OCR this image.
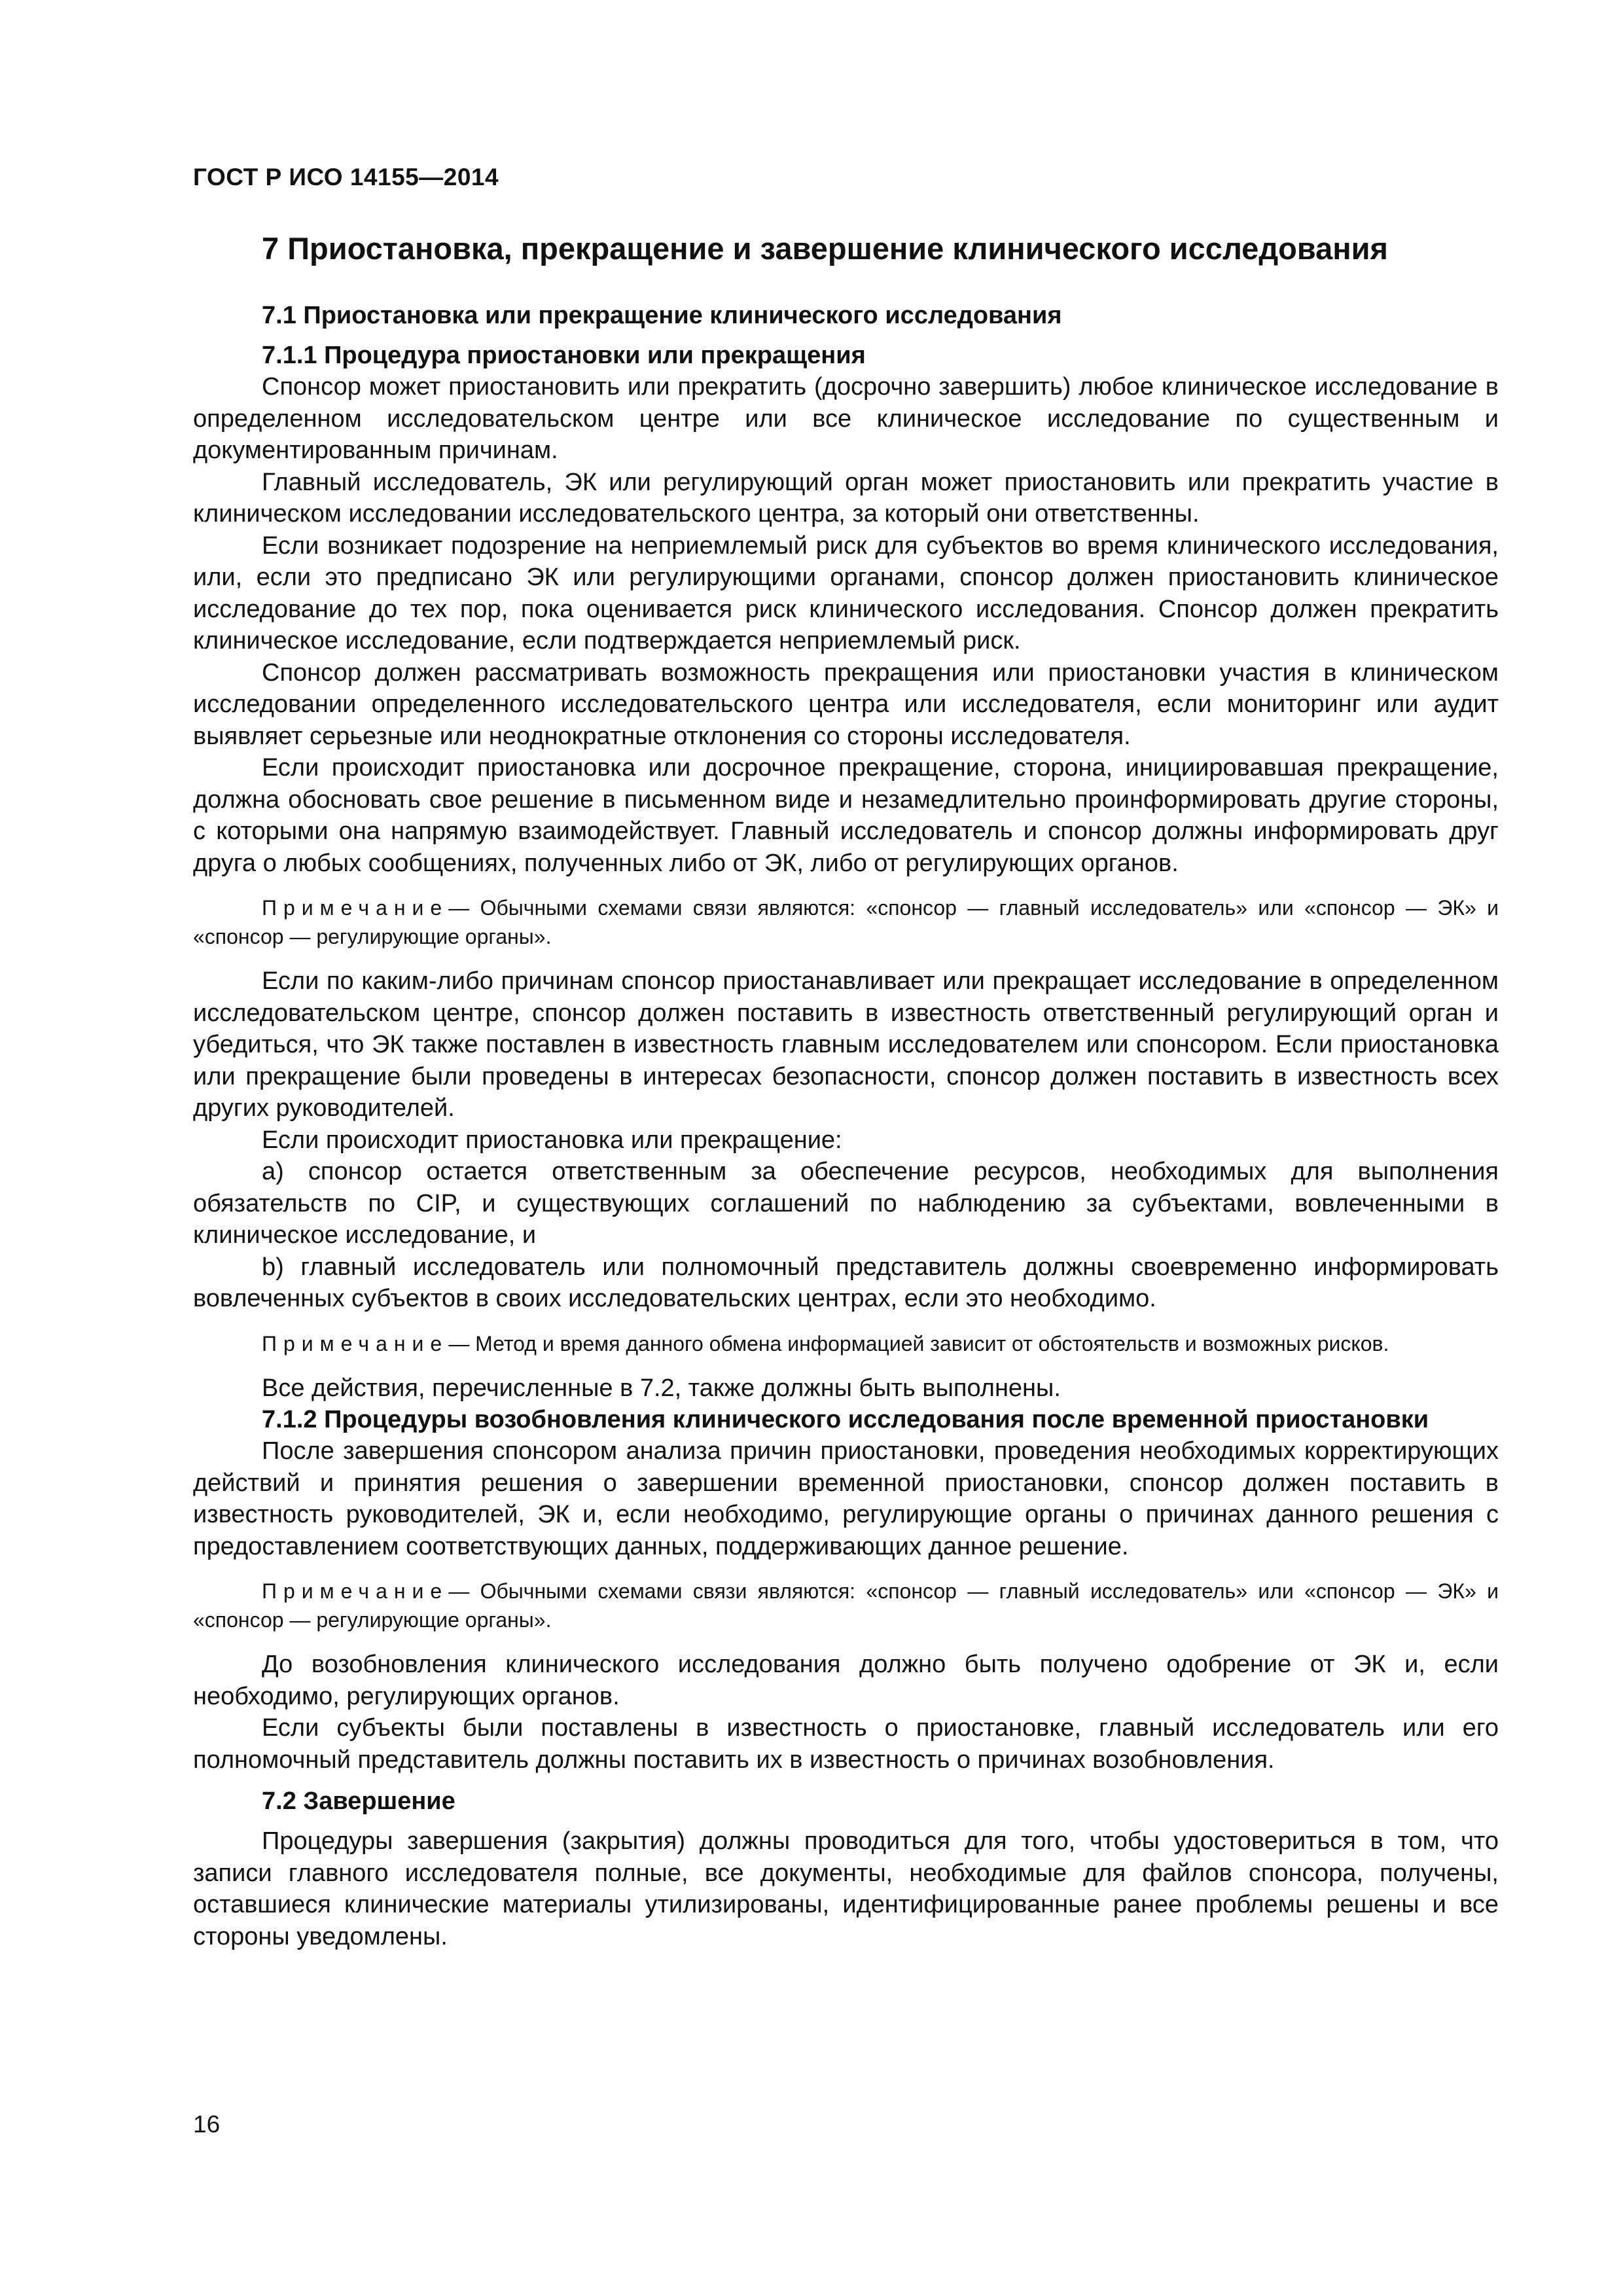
ГОСТ Р ИСО 14155—2014
7 Приостановка, прекращение и завершение клинического исследования
7.1 Приостановка или прекращение клинического исследования
7.1.1 Процедура приостановки или прекращения

Спонсор может приостановить или прекратить (досрочно завершить) любое клиническое исследование в определенном исследовательском центре или все клиническое исследование по существенным и документированным причинам.

Главный исследователь, ЭК или регулирующий орган может приостановить или прекратить участие в клиническом исследовании исследовательского центра, за который они ответственны.

Если возникает подозрение на неприемлемый риск для субъектов во время клинического исследования, или, если это предписано ЭК или регулирующими органами, спонсор должен приостановить клиническое исследование до тех пор, пока оценивается риск клинического исследования. Спонсор должен прекратить клиническое исследование, если подтверждается неприемлемый риск.

Спонсор должен рассматривать возможность прекращения или приостановки участия в клиническом исследовании определенного исследовательского центра или исследователя, если мониторинг или аудит выявляет серьезные или неоднократные отклонения со стороны исследователя.

Если происходит приостановка или досрочное прекращение, сторона, инициировавшая прекращение, должна обосновать свое решение в письменном виде и незамедлительно проинформировать другие стороны, с которыми она напрямую взаимодействует. Главный исследователь и спонсор должны информировать друг друга о любых сообщениях, полученных либо от ЭК, либо от регулирующих органов.

Примечание— Обычными схемами связи являются: «спонсор — главный исследователь» или «спонсор — ЭК» и «спонсор — регулирующие органы».

Если по каким-либо причинам спонсор приостанавливает или прекращает исследование в определенном исследовательском центре, спонсор должен поставить в известность ответственный регулирующий орган и убедиться, что ЭК также поставлен в известность главным исследователем или спонсором. Если приостановка или прекращение были проведены в интересах безопасности, спонсор должен поставить в известность всех других руководителей.

Если происходит приостановка или прекращение:

a) спонсор остается ответственным за обеспечение ресурсов, необходимых для выполнения обязательств по CIP, и существующих соглашений по наблюдению за субъектами, вовлеченными в клиническое исследование, и

b) главный исследователь или полномочный представитель должны своевременно информировать вовлеченных субъектов в своих исследовательских центрах, если это необходимо.

Примечание— Метод и время данного обмена информацией зависит от обстоятельств и возможных рисков.

Все действия, перечисленные в 7.2, также должны быть выполнены.

7.1.2 Процедуры возобновления клинического исследования после временной приостановки

После завершения спонсором анализа причин приостановки, проведения необходимых корректирующих действий и принятия решения о завершении временной приостановки, спонсор должен поставить в известность руководителей, ЭК и, если необходимо, регулирующие органы о причинах данного решения с предоставлением соответствующих данных, поддерживающих данное решение.

Примечание— Обычными схемами связи являются: «спонсор — главный исследователь» или «спонсор — ЭК» и «спонсор — регулирующие органы».

До возобновления клинического исследования должно быть получено одобрение от ЭК и, если необходимо, регулирующих органов.

Если субъекты были поставлены в известность о приостановке, главный исследователь или его полномочный представитель должны поставить их в известность о причинах возобновления.

7.2 Завершение

Процедуры завершения (закрытия) должны проводиться для того, чтобы удостовериться в том, что записи главного исследователя полные, все документы, необходимые для файлов спонсора, получены, оставшиеся клинические материалы утилизированы, идентифицированные ранее проблемы решены и все стороны уведомлены.

16
